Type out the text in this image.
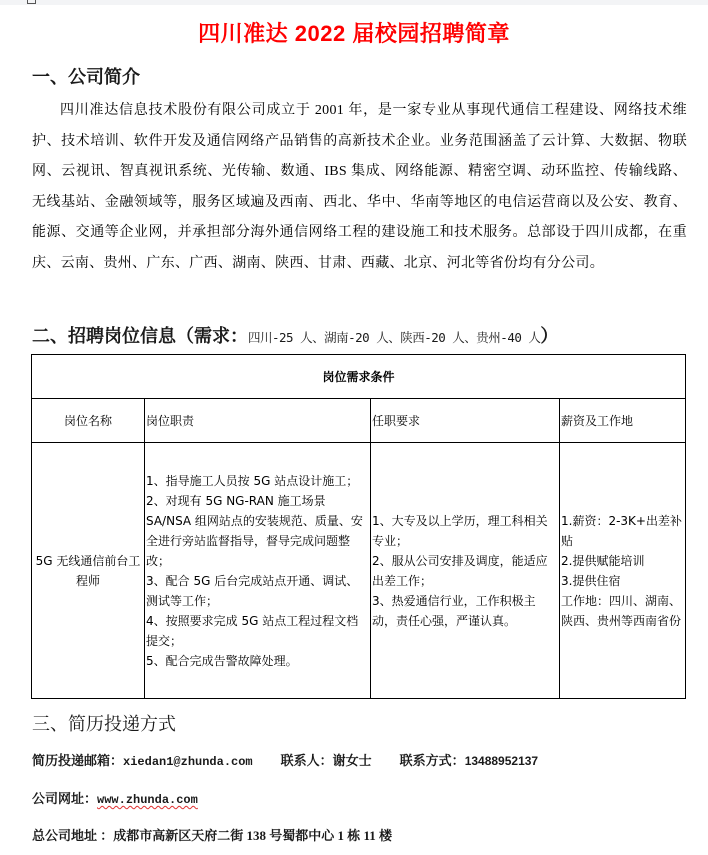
四川准达 2022 届校园招聘简章
一、公司简介
四川准达信息技术股份有限公司成立于 2001 年，是一家专业从事现代通信工程建设、网络技术维护、技术培训、软件开发及通信网络产品销售的高新技术企业。业务范围涵盖了云计算、大数据、物联网、云视讯、智真视讯系统、光传输、数通、IBS 集成、网络能源、精密空调、动环监控、传输线路、无线基站、金融领域等，服务区域遍及西南、西北、华中、华南等地区的电信运营商以及公安、教育、能源、交通等企业网，并承担部分海外通信网络工程的建设施工和技术服务。总部设于四川成都，在重庆、云南、贵州、广东、广西、湖南、陕西、甘肃、西藏、北京、河北等省份均有分公司。
二、招聘岗位信息（需求：四川-25 人、湖南-20 人、陕西-20 人、贵州-40 人）
岗位需求条件			
岗位名称	岗位职责	任职要求	薪资及工作地
5G 无线通信前台工程师	1、指导施工人员按 5G 站点设计施工；
2、对现有 5G NG-RAN 施工场景 SA/NSA 组网站点的安装规范、质量、安全进行旁站监督指导，督导完成问题整改；
3、配合 5G 后台完成站点开通、调试、测试等工作；
4、按照要求完成 5G 站点工程过程文档提交；
5、配合完成告警故障处理。	1、大专及以上学历，理工科相关专业；
2、服从公司安排及调度，能适应出差工作；
3、热爱通信行业，工作积极主动，责任心强，严谨认真。	1.薪资：2-3K+出差补贴
2.提供赋能培训
3.提供住宿
工作地：四川、湖南、陕西、贵州等西南省份
三、简历投递方式
简历投递邮箱：xiedan1@zhunda.com 联系人：谢女士 联系方式：13488952137
公司网址：www.zhunda.com
总公司地址 ：成都市高新区天府二街 138 号蜀都中心 1 栋 11 楼
